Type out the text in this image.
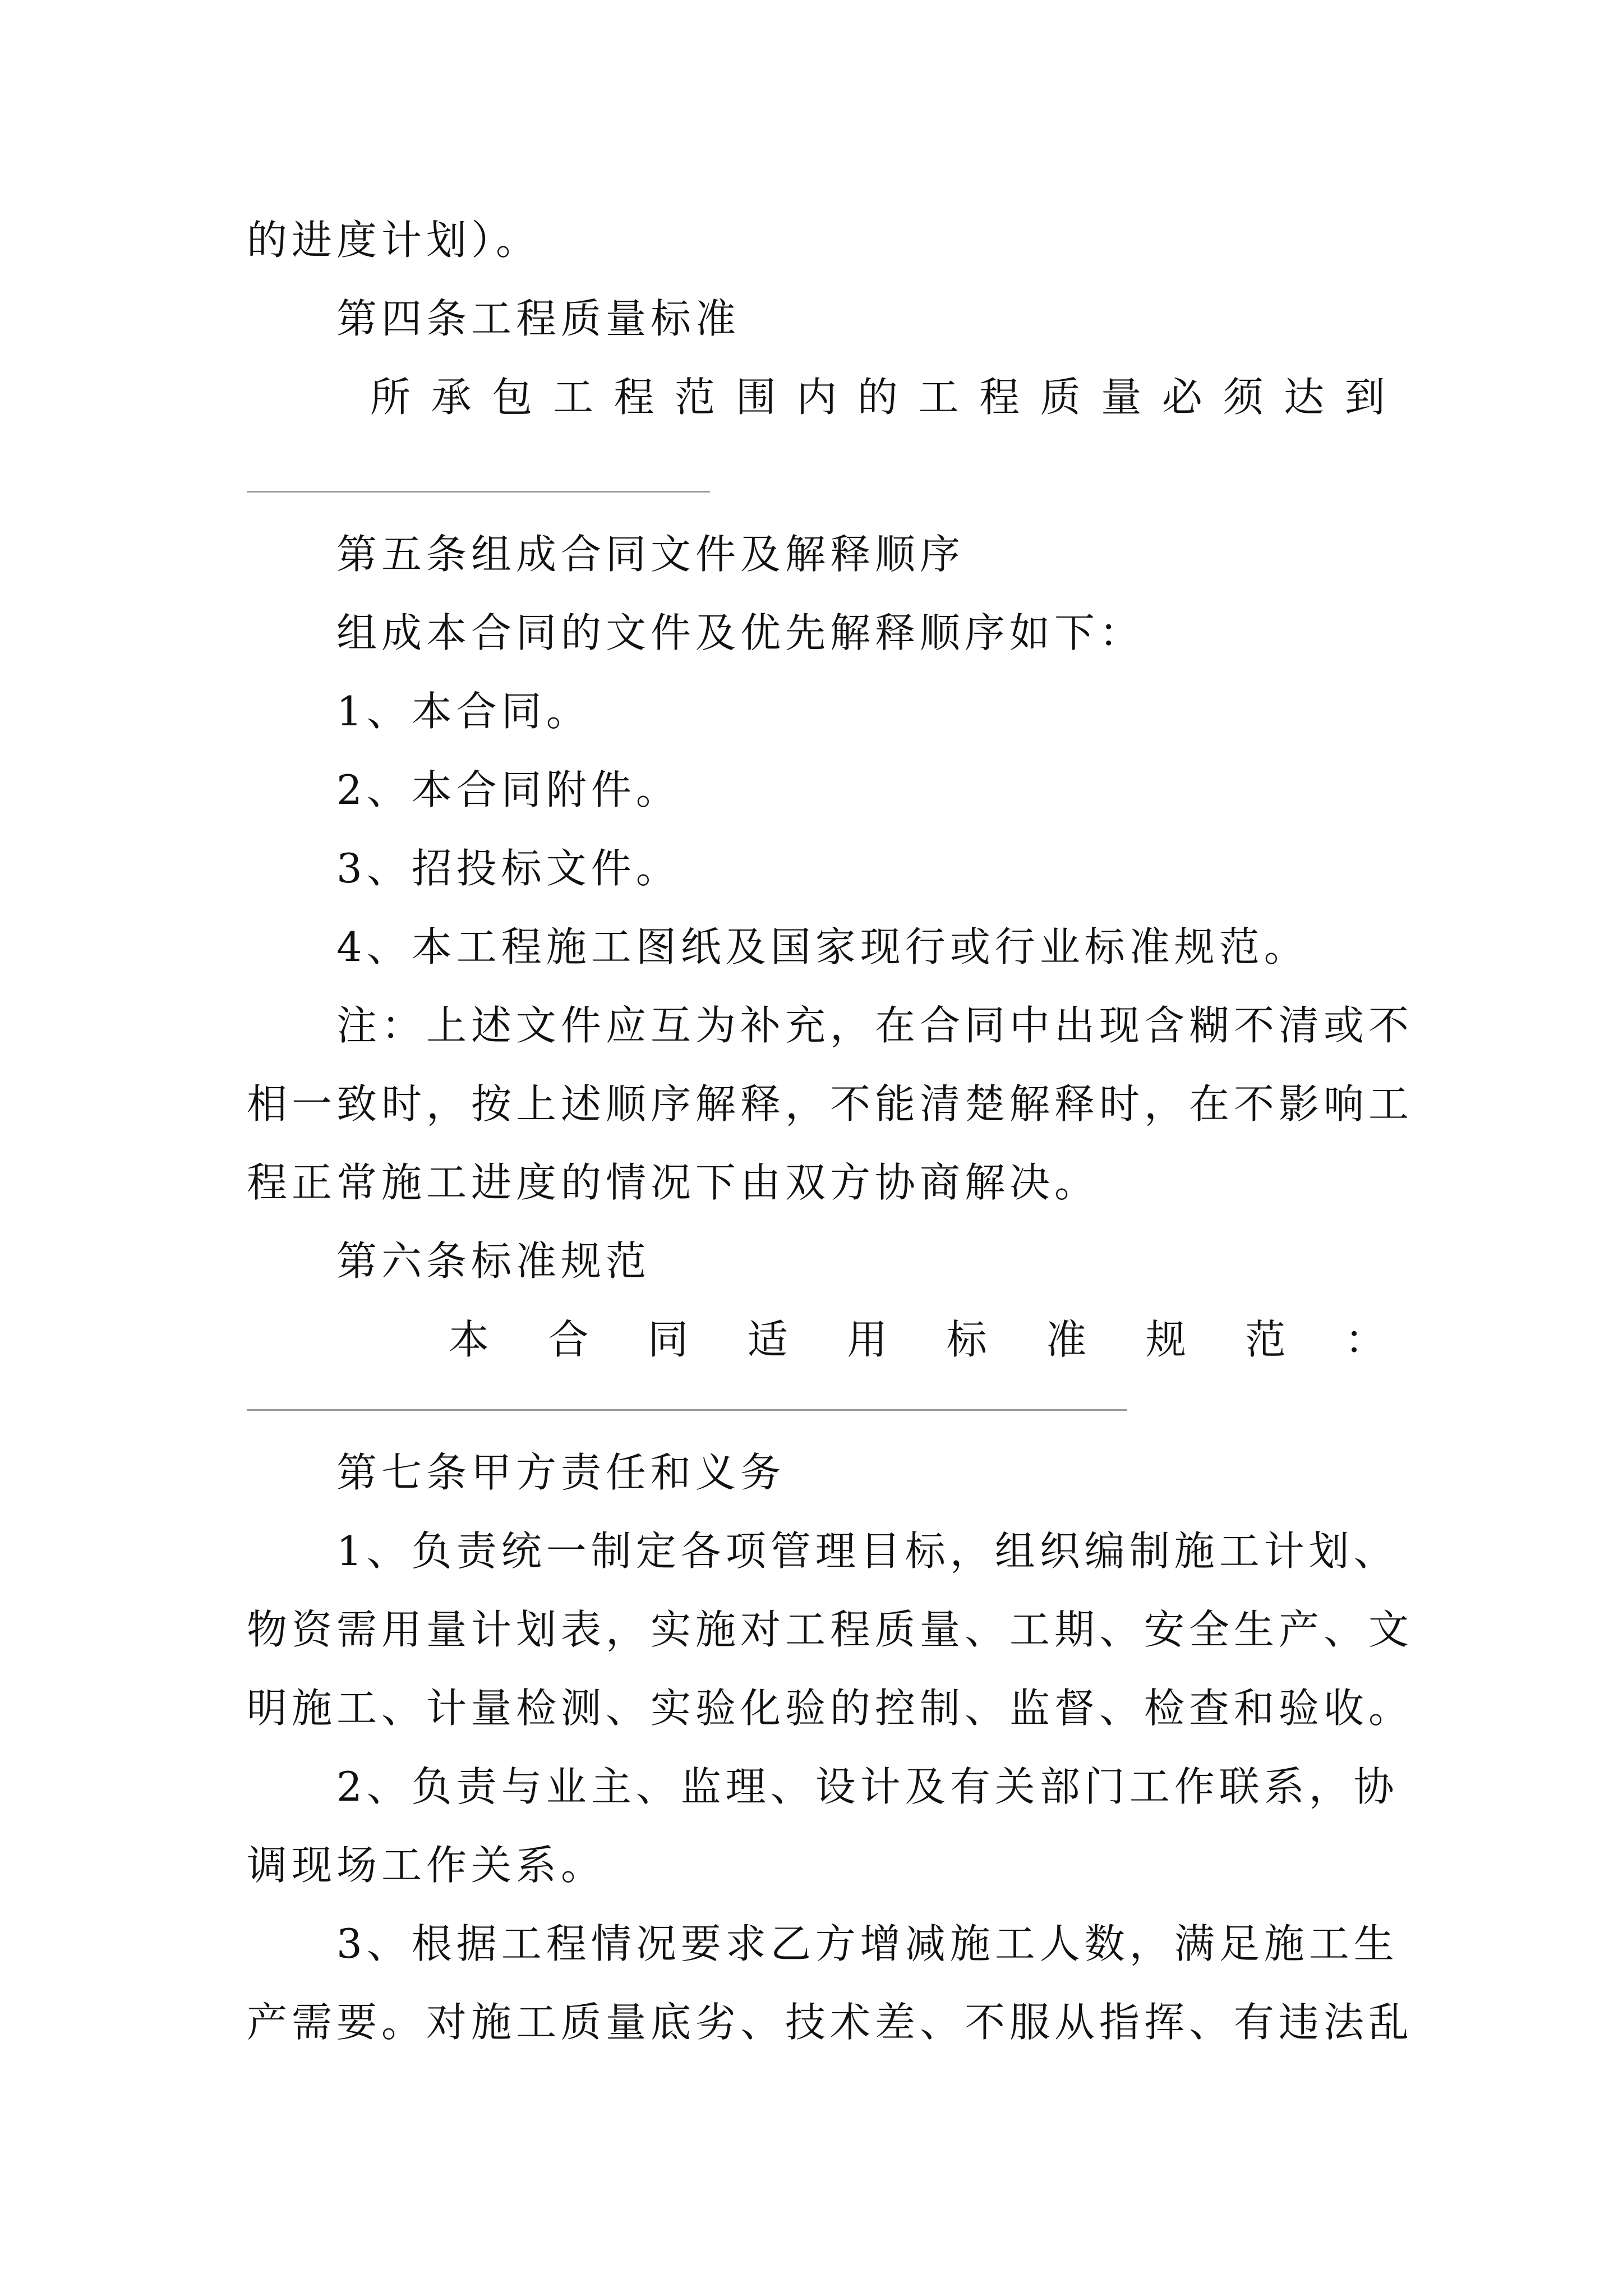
的进度计划）。
第四条工程质量标准
所 承 包 工 程 范 围 内 的 工 程 质 量 必 须 达 到
第五条组成合同文件及解释顺序
组成本合同的文件及优先解释顺序如下：
1、本合同。
2、本合同附件。
3、招投标文件。
4、本工程施工图纸及国家现行或行业标准规范。
注：上述文件应互为补充，在合同中出现含糊不清或不
相一致时，按上述顺序解释，不能清楚解释时，在不影响工
程正常施工进度的情况下由双方协商解决。
第六条标准规范
本 合 同 适 用 标 准 规 范 ：
第七条甲方责任和义务
1、负责统一制定各项管理目标，组织编制施工计划、
物资需用量计划表，实施对工程质量、工期、安全生产、文
明施工、计量检测、实验化验的控制、监督、检查和验收。
2、负责与业主、监理、设计及有关部门工作联系，协
调现场工作关系。
3、根据工程情况要求乙方增减施工人数，满足施工生
产需要。对施工质量底劣、技术差、不服从指挥、有违法乱
